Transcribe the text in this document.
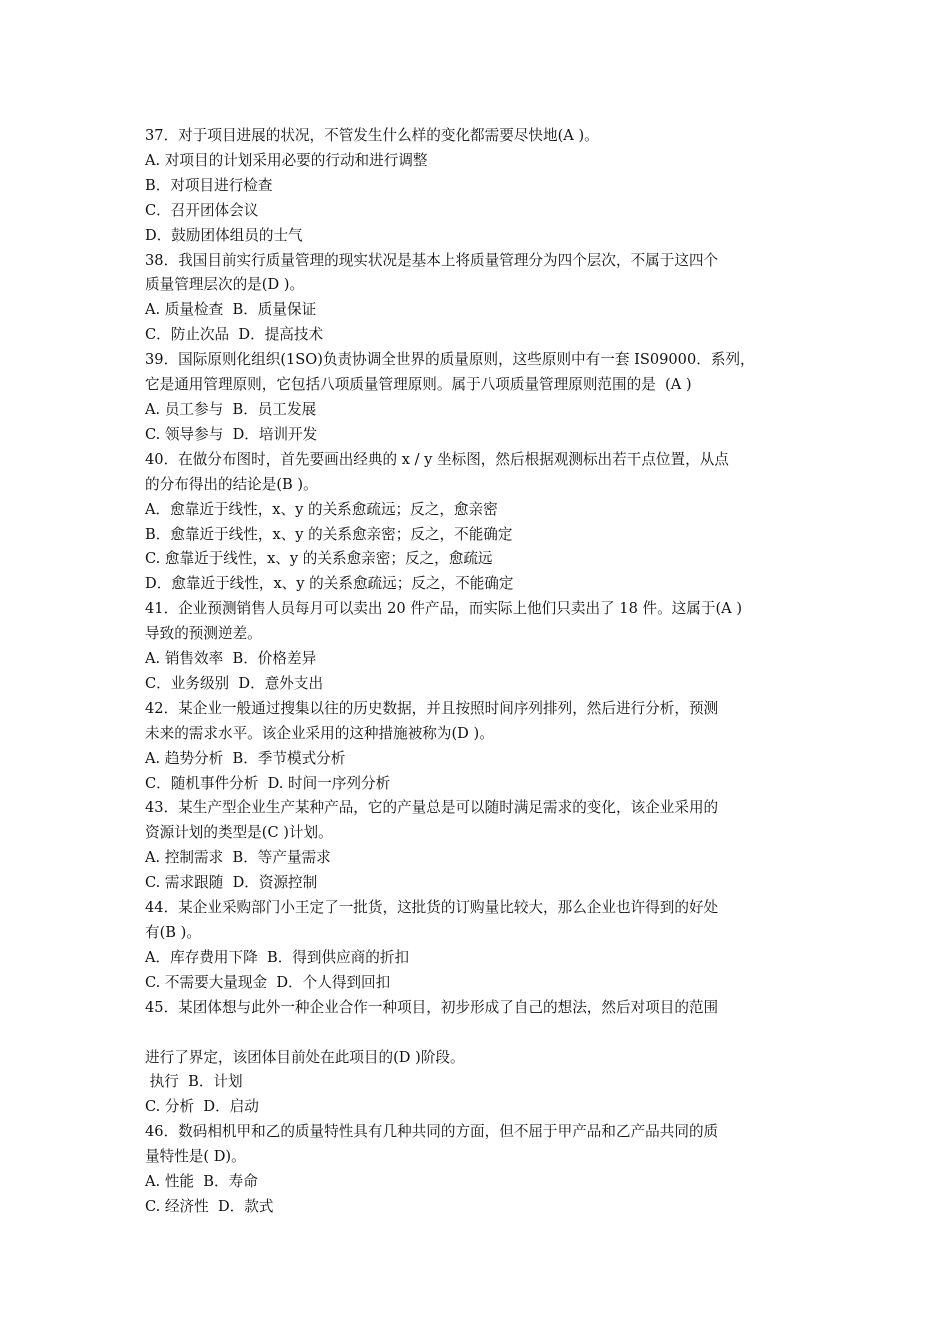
37．对于项目进展的状况，不管发生什么样的变化都需要尽快地(A )。
A. 对项目的计划采用必要的行动和进行调整
B．对项目进行检查
C．召开团体会议
D．鼓励团体组员的士气
38．我国目前实行质量管理的现实状况是基本上将质量管理分为四个层次，不属于这四个
质量管理层次的是(D )。
A. 质量检查  B．质量保证
C．防止次品  D．提高技术
39．国际原则化组织(1SO)负责协调全世界的质量原则，这些原则中有一套 IS09000．系列，
它是通用管理原则，它包括八项质量管理原则。属于八项质量管理原则范围的是  (A )
A. 员工参与  B．员工发展
C. 领导参与  D．培训开发
40．在做分布图时，首先要画出经典的 x / y 坐标图，然后根据观测标出若干点位置，从点
的分布得出的结论是(B )。
A．愈靠近于线性，x、y 的关系愈疏远；反之，愈亲密
B．愈靠近于线性，x、y 的关系愈亲密；反之，不能确定
C. 愈靠近于线性，x、y 的关系愈亲密；反之，愈疏远
D．愈靠近于线性，x、y 的关系愈疏远；反之，不能确定
41．企业预测销售人员每月可以卖出 20 件产品，而实际上他们只卖出了 18 件。这属于(A )
导致的预测逆差。
A. 销售效率  B．价格差异
C．业务级别  D．意外支出
42．某企业一般通过搜集以往的历史数据，并且按照时间序列排列，然后进行分析，预测
未来的需求水平。该企业采用的这种措施被称为(D )。
A. 趋势分析  B．季节模式分析
C．随机事件分析  D. 时间一序列分析
43．某生产型企业生产某种产品，它的产量总是可以随时满足需求的变化，该企业采用的
资源计划的类型是(C )计划。
A. 控制需求  B．等产量需求
C. 需求跟随  D．资源控制
44．某企业采购部门小王定了一批货，这批货的订购量比较大，那么企业也许得到的好处
有(B )。
A．库存费用下降  B．得到供应商的折扣
C. 不需要大量现金  D．个人得到回扣
45．某团体想与此外一种企业合作一种项目，初步形成了自己的想法，然后对项目的范围
进行了界定，该团体目前处在此项目的(D )阶段。
执行  B．计划
C. 分析  D．启动
46．数码相机甲和乙的质量特性具有几种共同的方面，但不屈于甲产品和乙产品共同的质
量特性是( D)。
A. 性能  B．寿命
C. 经济性  D．款式
